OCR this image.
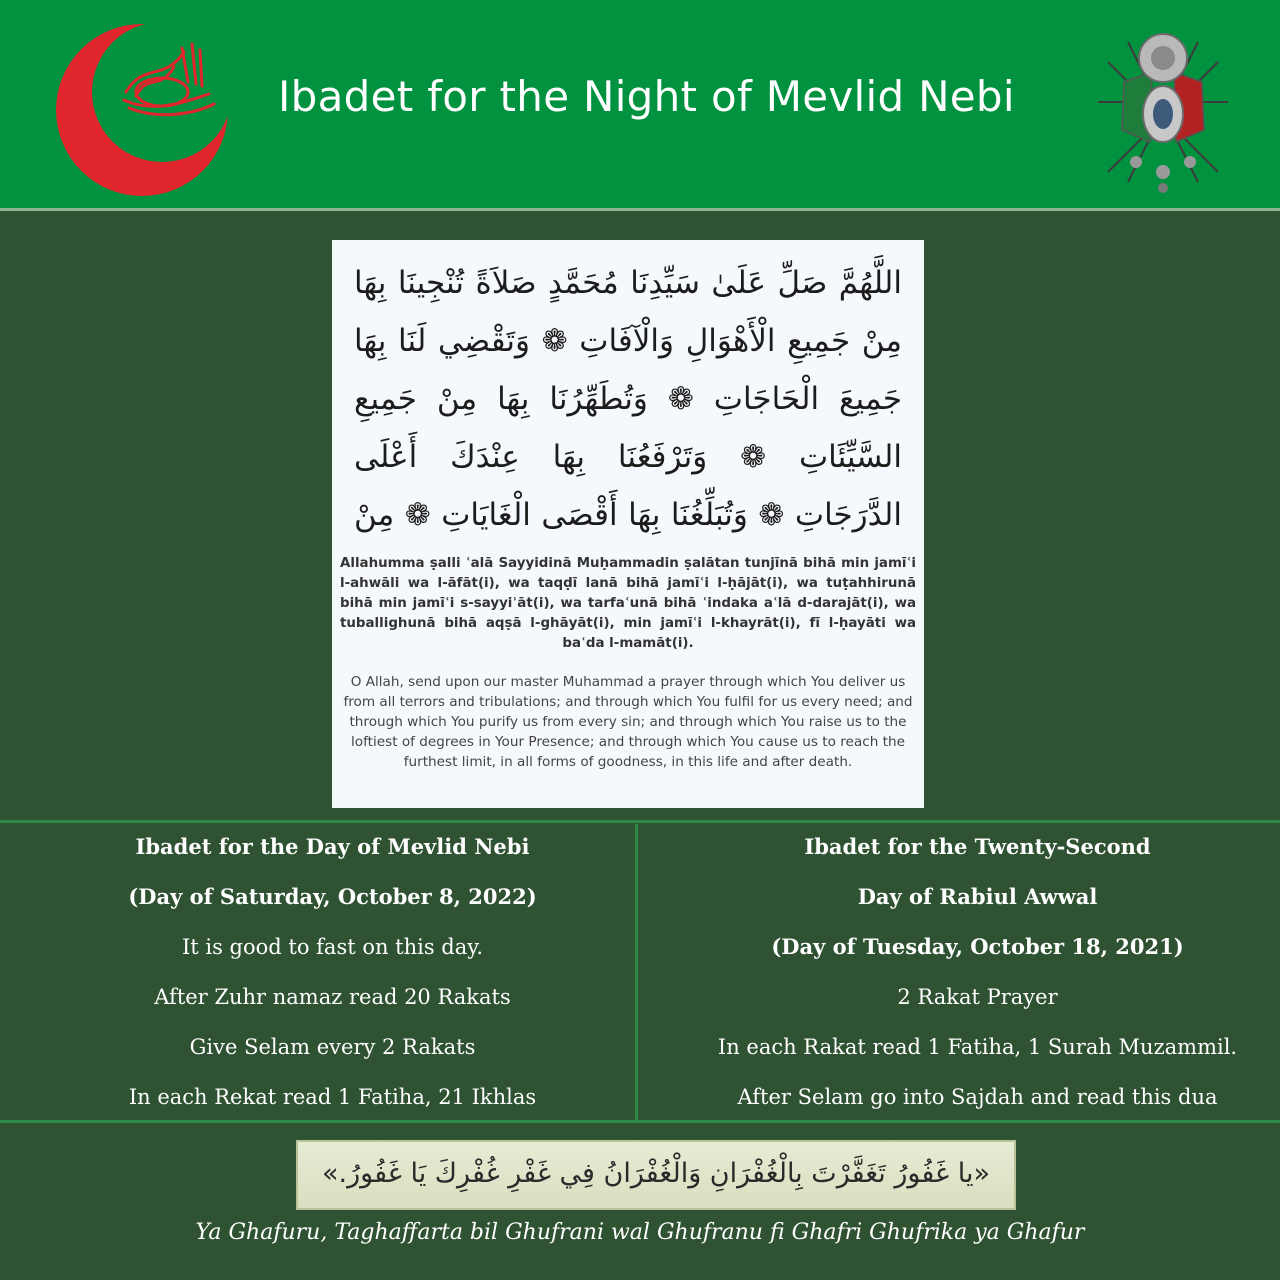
Ibadet for the Night of Mevlid Nebi
اللَّهُمَّ صَلِّ عَلَىٰ سَيِّدِنَا مُحَمَّدٍ صَلاَةً تُنْجِينَا بِهَا مِنْ جَمِيعِ الْأَهْوَالِ وَالْآفَاتِ ❁ وَتَقْضِي لَنَا بِهَا جَمِيعَ الْحَاجَاتِ ❁ وَتُطَهِّرُنَا بِهَا مِنْ جَمِيعِ السَّيِّئَاتِ ❁ وَتَرْفَعُنَا بِهَا عِنْدَكَ أَعْلَى الدَّرَجَاتِ ❁ وَتُبَلِّغُنَا بِهَا أَقْصَى الْغَايَاتِ ❁ مِنْ
Allahumma ṣalli ʿalā Sayyidinā Muḥammadin ṣalātan tunjīnā bihā min jamīʿi l-ahwāli wa l-āfāt(i), wa taqḍī lanā bihā jamīʿi l-ḥājāt(i), wa tuṭahhirunā bihā min jamīʿi s-sayyiʾāt(i), wa tarfaʿunā bihā ʿindaka aʿlā d-darajāt(i), wa tuballighunā bihā aqṣā l-ghāyāt(i), min jamīʿi l-khayrāt(i), fī l-ḥayāti wa baʿda l-mamāt(i).
O Allah, send upon our master Muhammad a prayer through which You deliver us from all terrors and tribulations; and through which You fulfil for us every need; and through which You purify us from every sin; and through which You raise us to the loftiest of degrees in Your Presence; and through which You cause us to reach the furthest limit, in all forms of goodness, in this life and after death.
Ibadet for the Day of Mevlid Nebi
(Day of Saturday, October 8, 2022)
It is good to fast on this day.
After Zuhr namaz read 20 Rakats
Give Selam every 2 Rakats
In each Rekat read 1 Fatiha, 21 Ikhlas
Ibadet for the Twenty-Second
Day of Rabiul Awwal
(Day of Tuesday, October 18, 2021)
2 Rakat Prayer
In each Rakat read 1 Fatiha, 1 Surah Muzammil.
After Selam go into Sajdah and read this dua
«يا غَفُورُ تَغَفَّرْتَ بِالْغُفْرَانِ وَالْغُفْرَانُ فِي غَفْرِ غُفْرِكَ يَا غَفُورُ.»
Ya Ghafuru, Taghaffarta bil Ghufrani wal Ghufranu fi Ghafri Ghufrika ya Ghafur
